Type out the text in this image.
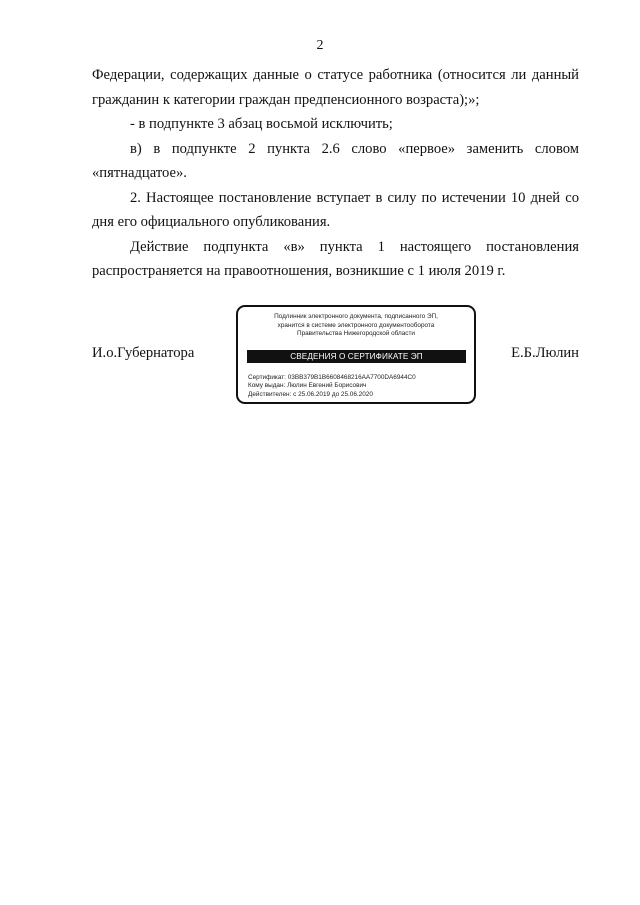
2

Федерации, содержащих данные о статусе работника (относится ли данный гражданин к категории граждан предпенсионного возраста);»;

- в подпункте 3 абзац восьмой исключить;

в) в подпункте 2 пункта 2.6 слово «первое» заменить словом «пятнадцатое».

2. Настоящее постановление вступает в силу по истечении 10 дней со дня его официального опубликования.

Действие подпункта «в» пункта 1 настоящего постановления распространяется на правоотношения, возникшие с 1 июля 2019 г.

И.о.Губернатора	Е.Б.Люлин
Подлинник электронного документа, подписанного ЭП,
хранится в системе электронного документооборота
Правительства Нижегородской области
СВЕДЕНИЯ О СЕРТИФИКАТЕ ЭП
Сертификат: 03BB379B1B6608468216AA7700DA6944C0
Кому выдан: Люлин Евгений Борисович
Действителен: с 25.06.2019 до 25.06.2020
